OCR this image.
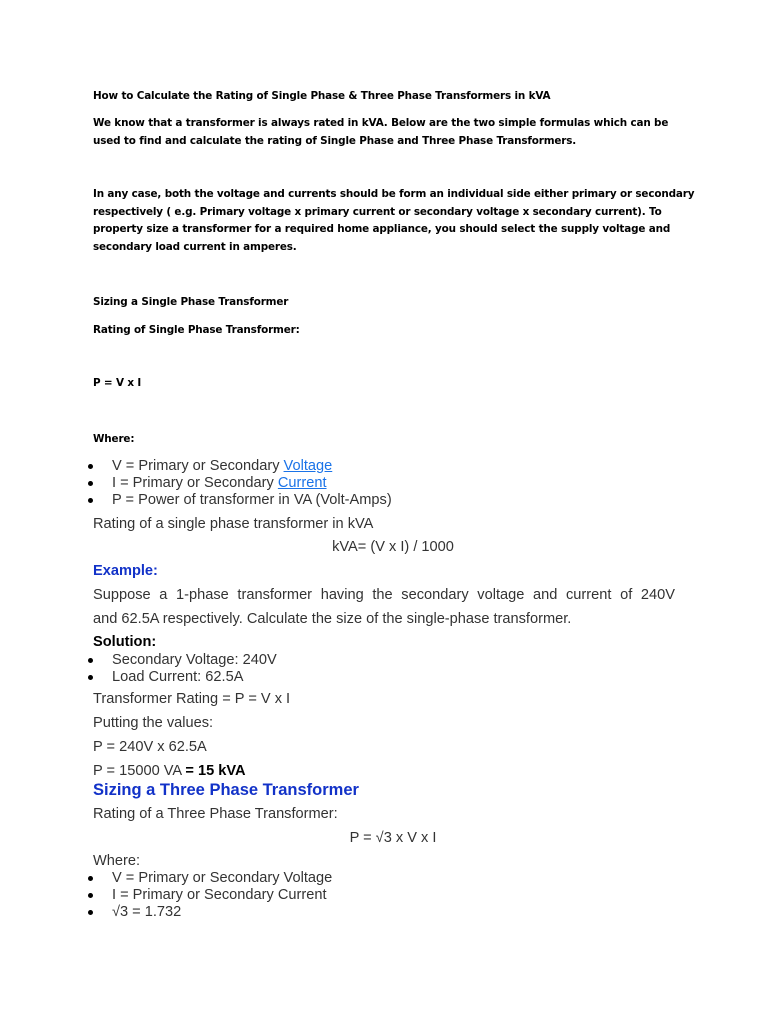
How to Calculate the Rating of Single Phase & Three Phase Transformers in kVA

We know that a transformer is always rated in kVA. Below are the two simple formulas which can be used to find and calculate the rating of Single Phase and Three Phase Transformers.

In any case, both the voltage and currents should be form an individual side either primary or secondary respectively ( e.g. Primary voltage x primary current or secondary voltage x secondary current). To property size a transformer for a required home appliance, you should select the supply voltage and secondary load current in amperes.

Sizing a Single Phase Transformer

Rating of Single Phase Transformer:

P = V x I

Where:

V = Primary or Secondary Voltage
I = Primary or Secondary Current
P = Power of transformer in VA (Volt-Amps)

Rating of a single phase transformer in kVA

kVA= (V x I) / 1000

Example:

Suppose a 1-phase transformer having the secondary voltage and current of 240V

and 62.5A respectively. Calculate the size of the single-phase transformer.

Solution:

Secondary Voltage: 240V
Load Current: 62.5A

Transformer Rating = P = V x I

Putting the values:

P = 240V x 62.5A

P = 15000 VA = 15 kVA

Sizing a Three Phase Transformer

Rating of a Three Phase Transformer:

P = √3 x V x I

Where:

V = Primary or Secondary Voltage
I = Primary or Secondary Current
√3 = 1.732
